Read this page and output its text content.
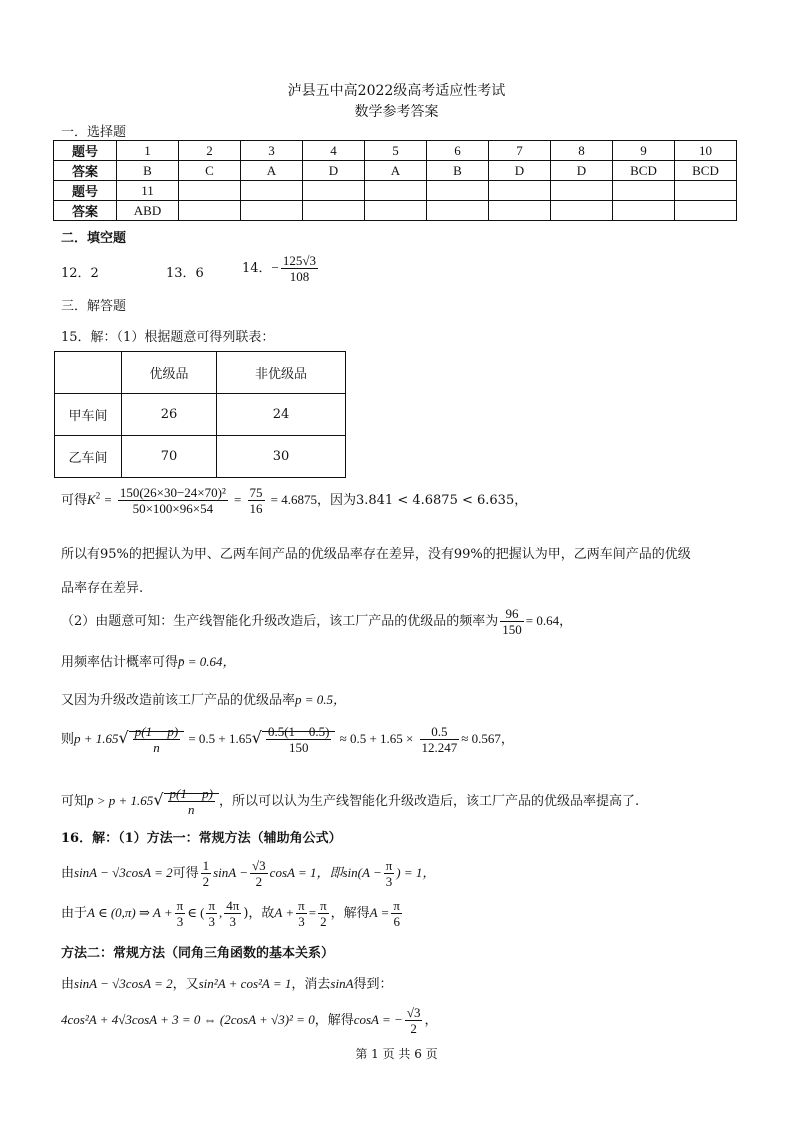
泸县五中高2022级高考适应性考试
数学参考答案
一．选择题
题号	1	2	3	4	5	6	7	8	9	10
答案	B	C	A	D	A	B	D	D	BCD	BCD
题号	11									
答案	ABD									
二．填空题
12．2	13．6	14．− $\frac{125√3}{108}$
三．解答题
15．解：（1）根据题意可得列联表：
	优级品	非优级品
甲车间	26	24
乙车间	70	30
可得$K^2 = \frac{\text{150(26×30−24×70)²}}{50\times 100\times 96\times 54} = \frac{75}{16} = 4.6875$，因为3.841 < 4.6875 < 6.635，
所以有95%的把握认为甲、乙两车间产品的优级品率存在差异，没有99%的把握认为甲，乙两车间产品的优级
品率存在差异.
（2）由题意可知：生产线智能化升级改造后，该工厂产品的优级品的频率为 $\frac{96}{150} = 0.64$，
用频率估计概率可得p̄ = 0.64，
又因为升级改造前该工厂产品的优级品率p = 0.5，
则$p + 1.65√ \frac{p(1 - p)}{n} = 0.5 + 1.65√ \frac{0.5(1 - 0.5)}{150} \approx 0.5 + 1.65 \times \frac{0.5}{12.247} \approx 0.567$，
可知p̄ > $p + 1.65√ \frac{p(1 - p)}{n}$ ，所以可以认为生产线智能化升级改造后，该工厂产品的优级品率提高了.
16．解：（1）方法一：常规方法（辅助角公式）
由sinA − √3cosA = 2可得 $\frac{1}{2}$ $\sin A - \frac{√3}{2}$ cosA = 1，即$\sin(A - \frac{\pi}{3}$ ) = 1，
由于A ∈ (0,π) ⇒ $A + \frac{\pi}{3}$ ∈ ( $\frac{\pi}{3}$ , $\frac{4\pi}{3}$ )，故$A + \frac{\pi}{3} = \frac{\pi}{2}$ ，解得$A = \frac{\pi}{6}$
方法二：常规方法（同角三角函数的基本关系）
由sinA − √3cosA = 2，又sin²A + cos²A = 1，消去sinA得到：
4cos²A + 4√3cosA + 3 = 0 ⇔ (2cosA + √3)² = 0，解得cosA = − $\frac{√3}{2}$ ，
第 1 页 共 6 页
